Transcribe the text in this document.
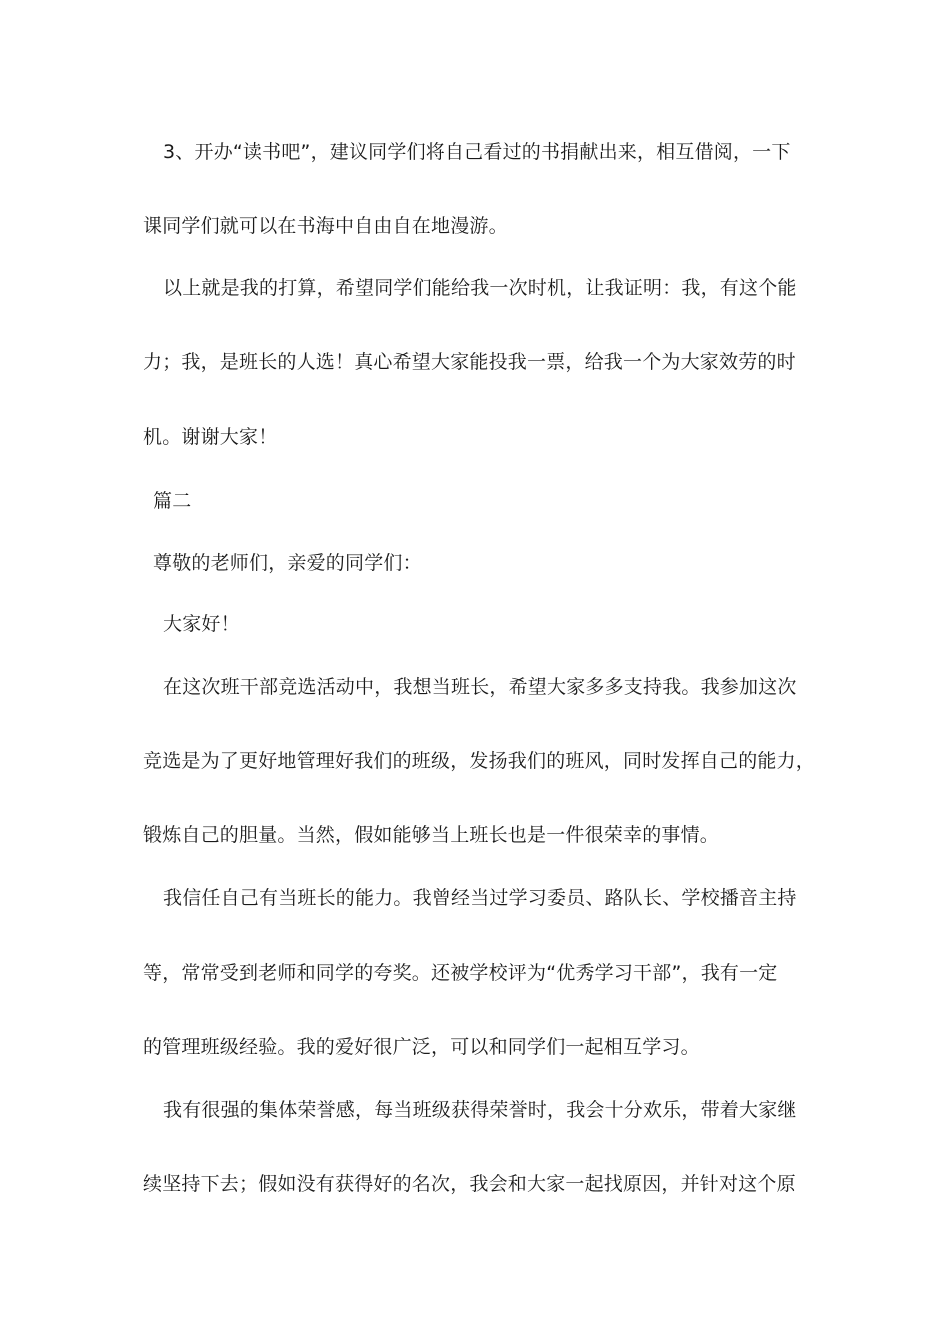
3、开办“读书吧”，建议同学们将自己看过的书捐献出来，相互借阅，一下
课同学们就可以在书海中自由自在地漫游。
以上就是我的打算，希望同学们能给我一次时机，让我证明：我，有这个能
力；我，是班长的人选！真心希望大家能投我一票，给我一个为大家效劳的时
机。谢谢大家！
篇二
尊敬的老师们，亲爱的同学们：
大家好！
在这次班干部竞选活动中，我想当班长，希望大家多多支持我。我参加这次
竞选是为了更好地管理好我们的班级，发扬我们的班风，同时发挥自己的能力，
锻炼自己的胆量。当然，假如能够当上班长也是一件很荣幸的事情。
我信任自己有当班长的能力。我曾经当过学习委员、路队长、学校播音主持
等，常常受到老师和同学的夸奖。还被学校评为“优秀学习干部”，我有一定
的管理班级经验。我的爱好很广泛，可以和同学们一起相互学习。
我有很强的集体荣誉感，每当班级获得荣誉时，我会十分欢乐，带着大家继
续坚持下去；假如没有获得好的名次，我会和大家一起找原因，并针对这个原
